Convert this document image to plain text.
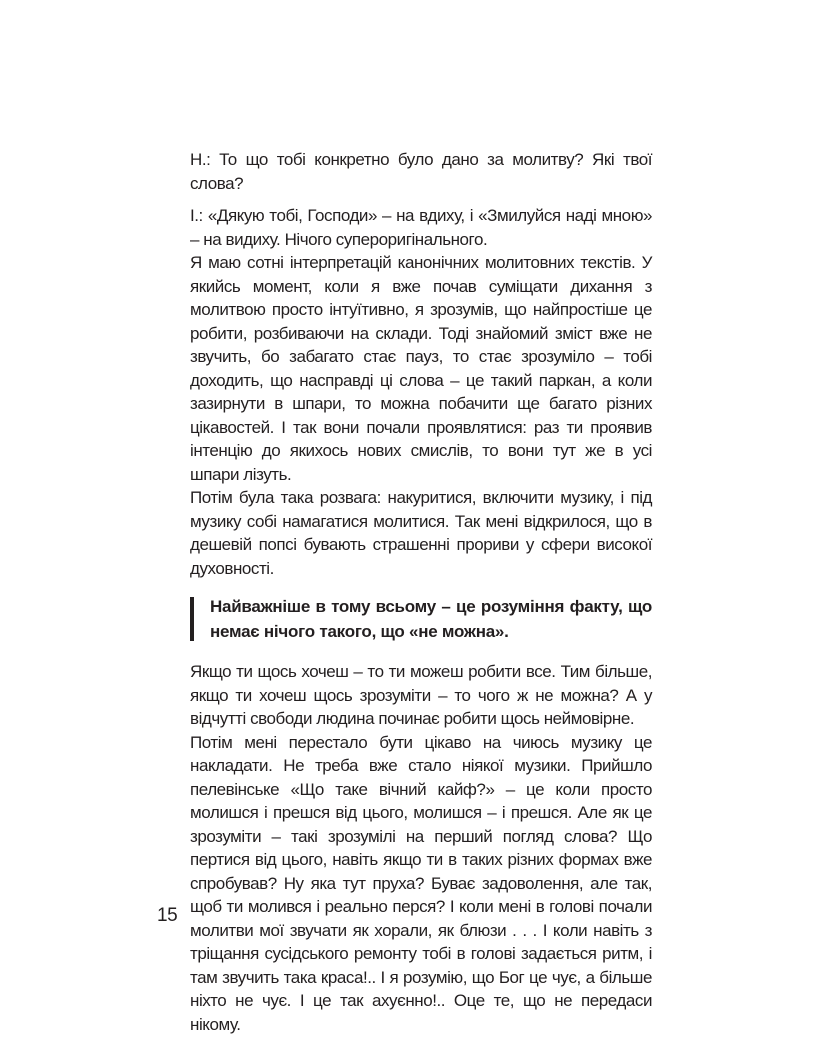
Н.: То що тобі конкретно було дано за молитву? Які твої слова?

І.: «Дякую тобі, Господи» – на вдиху, і «Змилуйся наді мною» – на видиху. Нічого супероригінального.

Я маю сотні інтерпретацій канонічних молитовних текстів. У якийсь момент, коли я вже почав суміщати дихання з молитвою просто інтуїтивно, я зрозумів, що найпростіше це робити, розбиваючи на склади. Тоді знайомий зміст вже не звучить, бо забагато стає пауз, то стає зрозуміло – тобі доходить, що насправді ці слова – це такий паркан, а коли зазирнути в шпари, то можна побачити ще багато різних цікавостей. І так вони почали проявлятися: раз ти проявив інтенцію до якихось нових смислів, то вони тут же в усі шпари лізуть.

Потім була така розвага: накуритися, включити музику, і під музику собі намагатися молитися. Так мені відкрилося, що в дешевій попсі бувають страшенні прориви у сфери високої духовності.

Найважніше в тому всьому – це розуміння факту, що немає нічого такого, що «не можна».

Якщо ти щось хочеш – то ти можеш робити все. Тим більше, якщо ти хочеш щось зрозуміти – то чого ж не можна? А у відчутті свободи людина починає робити щось неймовірне.

Потім мені перестало бути цікаво на чиюсь музику це накладати. Не треба вже стало ніякої музики. Прийшло пелевінське «Що таке вічний кайф?» – це коли просто молишся і прешся від цього, молишся – і прешся. Але як це зрозуміти – такі зрозумілі на перший погляд слова? Що пертися від цього, навіть якщо ти в таких різних формах вже спробував? Ну яка тут пруха? Буває задоволення, але так, щоб ти молився і реально перся? І коли мені в голові почали молитви мої звучати як хорали, як блюзи . . . І коли навіть з тріщання сусідського ремонту тобі в голові задається ритм, і там звучить така краса!.. І я розумію, що Бог це чує, а більше ніхто не чує. І це так ахуєнно!.. Оце те, що не передаси нікому.

15
